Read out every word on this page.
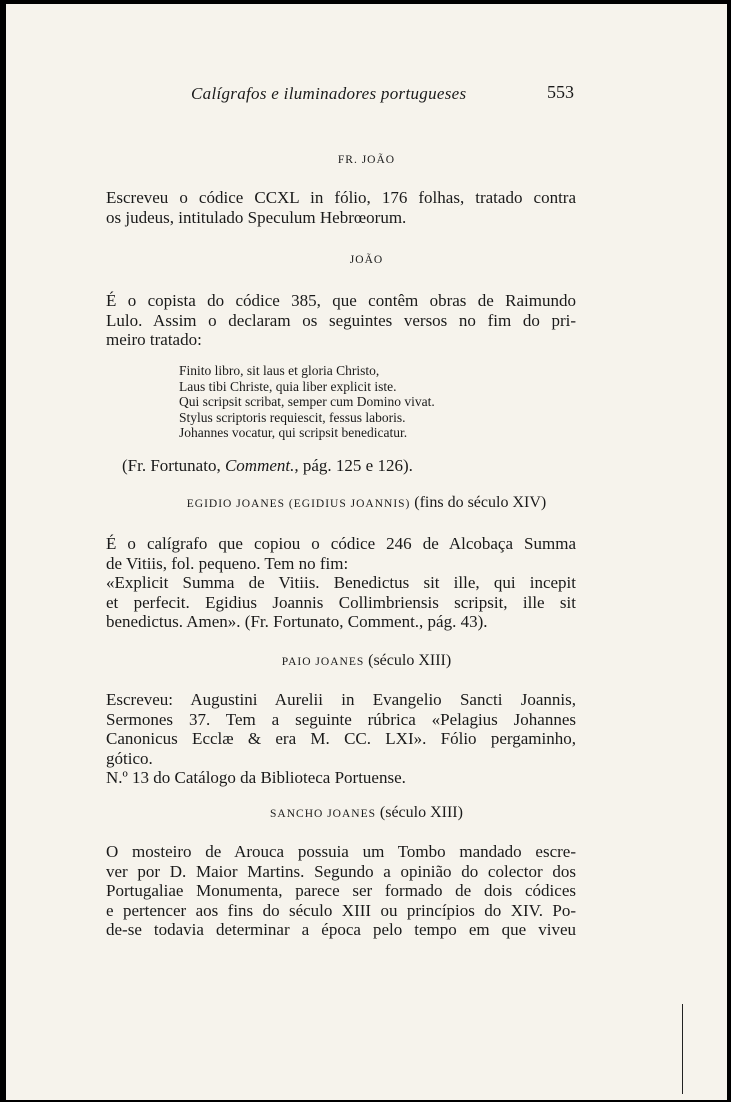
Calígrafos e iluminadores portugueses	553
FR. JOÃO
Escreveu o códice CCXL in fólio, 176 folhas, tratado contra
os judeus, intitulado Speculum Hebrœorum.
JOÃO
É o copista do códice 385, que contêm obras de Raimundo
Lulo. Assim o declaram os seguintes versos no fim do pri-
meiro tratado:
Finito libro, sit laus et gloria Christo,
Laus tibi Christe, quia liber explicit iste.
Qui scripsit scribat, semper cum Domino vivat.
Stylus scriptoris requiescit, fessus laboris.
Johannes vocatur, qui scripsit benedicatur.
(Fr. Fortunato, Comment., pág. 125 e 126).
EGIDIO JOANES (EGIDIUS JOANNIS) (fins do século XIV)
É o calígrafo que copiou o códice 246 de Alcobaça Summa
de Vitiis, fol. pequeno. Tem no fim:
«Explicit Summa de Vitiis. Benedictus sit ille, qui incepit
et perfecit. Egidius Joannis Collimbriensis scripsit, ille sit
benedictus. Amen». (Fr. Fortunato, Comment., pág. 43).
PAIO JOANES (século XIII)
Escreveu: Augustini Aurelii in Evangelio Sancti Joannis,
Sermones 37. Tem a seguinte rúbrica «Pelagius Johannes
Canonicus Ecclæ & era M. CC. LXI». Fólio pergaminho,
gótico.
N.º 13 do Catálogo da Biblioteca Portuense.
SANCHO JOANES (século XIII)
O mosteiro de Arouca possuia um Tombo mandado escre-
ver por D. Maior Martins. Segundo a opinião do colector dos
Portugaliae Monumenta, parece ser formado de dois códices
e pertencer aos fins do século XIII ou princípios do XIV. Po-
de-se todavia determinar a época pelo tempo em que viveu
